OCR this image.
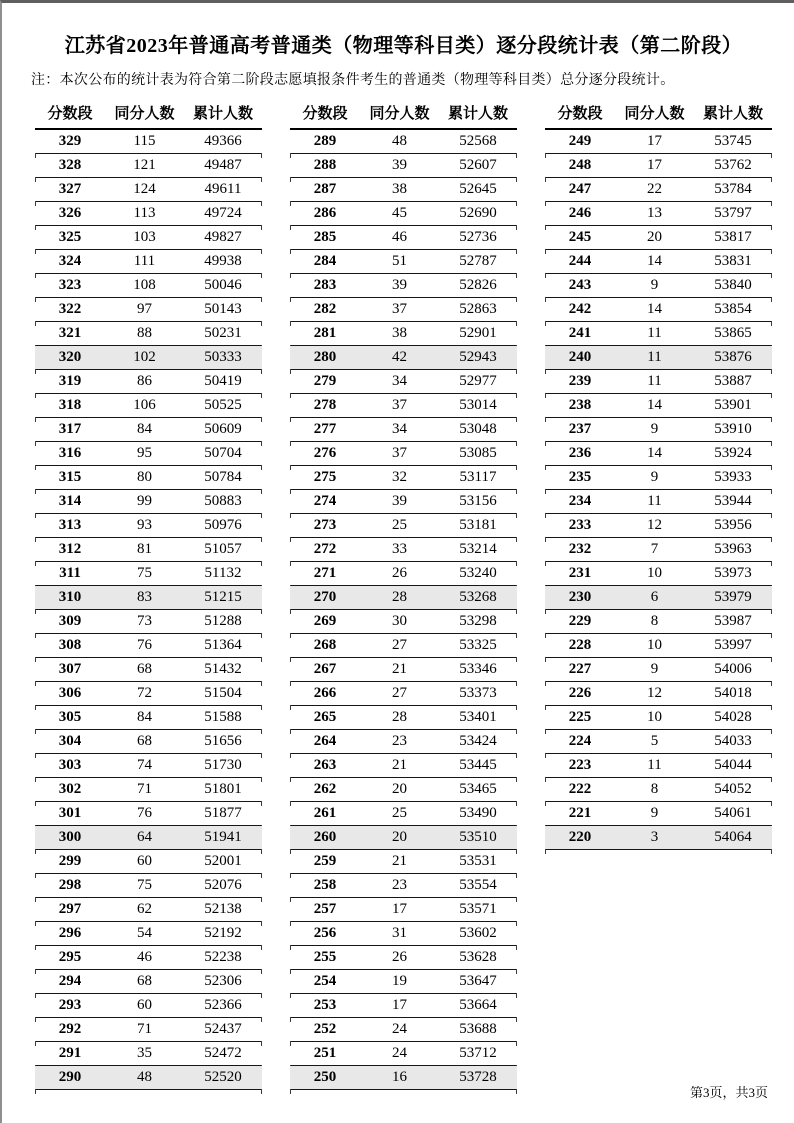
江苏省2023年普通高考普通类（物理等科目类）逐分段统计表（第二阶段）
注：本次公布的统计表为符合第二阶段志愿填报条件考生的普通类（物理等科目类）总分逐分段统计。
分数段	同分人数	累计人数
329	115	49366
328	121	49487
327	124	49611
326	113	49724
325	103	49827
324	111	49938
323	108	50046
322	97	50143
321	88	50231
320	102	50333
319	86	50419
318	106	50525
317	84	50609
316	95	50704
315	80	50784
314	99	50883
313	93	50976
312	81	51057
311	75	51132
310	83	51215
309	73	51288
308	76	51364
307	68	51432
306	72	51504
305	84	51588
304	68	51656
303	74	51730
302	71	51801
301	76	51877
300	64	51941
299	60	52001
298	75	52076
297	62	52138
296	54	52192
295	46	52238
294	68	52306
293	60	52366
292	71	52437
291	35	52472
290	48	52520
分数段	同分人数	累计人数
289	48	52568
288	39	52607
287	38	52645
286	45	52690
285	46	52736
284	51	52787
283	39	52826
282	37	52863
281	38	52901
280	42	52943
279	34	52977
278	37	53014
277	34	53048
276	37	53085
275	32	53117
274	39	53156
273	25	53181
272	33	53214
271	26	53240
270	28	53268
269	30	53298
268	27	53325
267	21	53346
266	27	53373
265	28	53401
264	23	53424
263	21	53445
262	20	53465
261	25	53490
260	20	53510
259	21	53531
258	23	53554
257	17	53571
256	31	53602
255	26	53628
254	19	53647
253	17	53664
252	24	53688
251	24	53712
250	16	53728
分数段	同分人数	累计人数
249	17	53745
248	17	53762
247	22	53784
246	13	53797
245	20	53817
244	14	53831
243	9	53840
242	14	53854
241	11	53865
240	11	53876
239	11	53887
238	14	53901
237	9	53910
236	14	53924
235	9	53933
234	11	53944
233	12	53956
232	7	53963
231	10	53973
230	6	53979
229	8	53987
228	10	53997
227	9	54006
226	12	54018
225	10	54028
224	5	54033
223	11	54044
222	8	54052
221	9	54061
220	3	54064
第3页，共3页
